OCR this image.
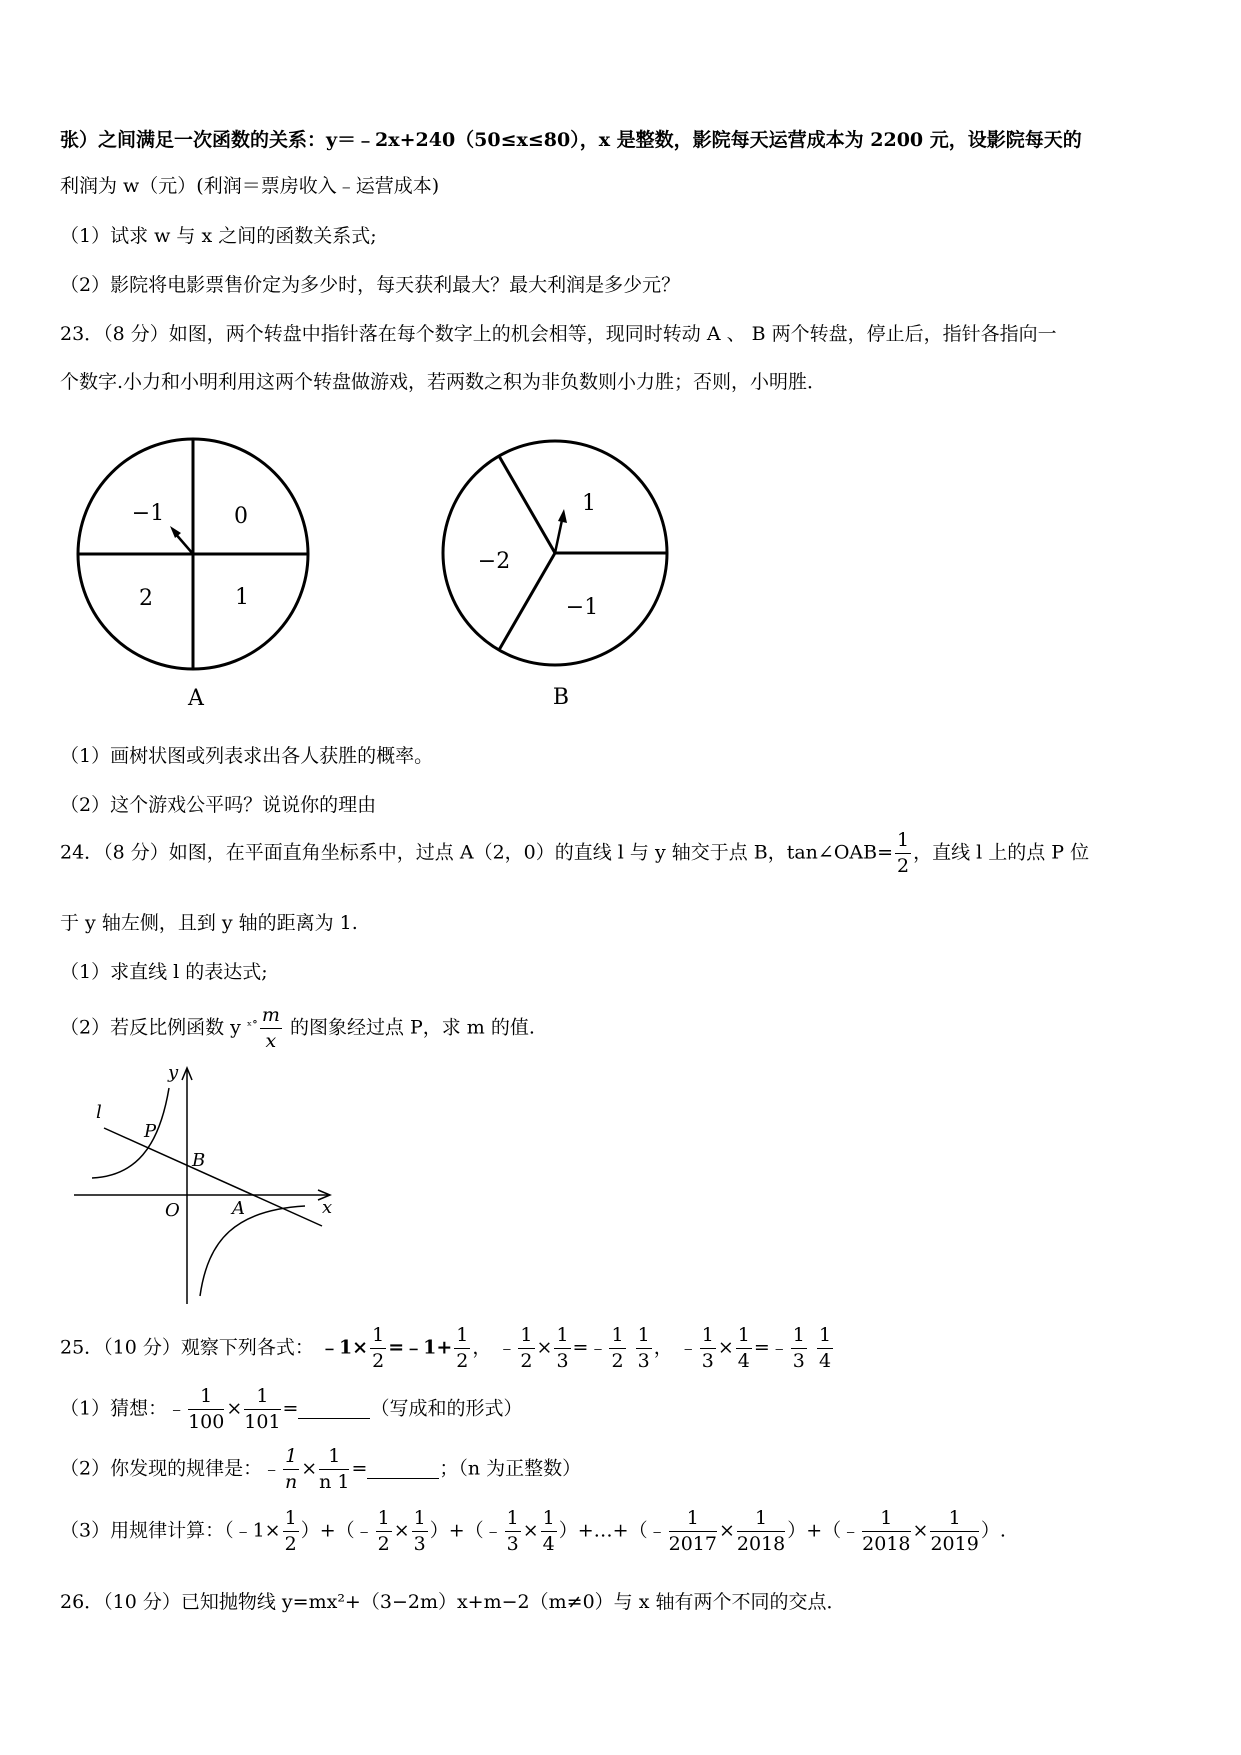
张）之间满足一次函数的关系：y＝﹣2x+240（50≤x≤80），x 是整数，影院每天运营成本为 2200 元，设影院每天的
利润为 w（元）(利润＝票房收入﹣运营成本)
（1）试求 w 与 x 之间的函数关系式;
（2）影院将电影票售价定为多少时，每天获利最大？最大利润是多少元？
23．（8 分）如图，两个转盘中指针落在每个数字上的机会相等，现同时转动 A 、 B 两个转盘，停止后，指针各指向一
个数字.小力和小明利用这两个转盘做游戏，若两数之积为非负数则小力胜；否则，小明胜．
−1	0
2	1
A
1
−2
−1
B
（1）画树状图或列表求出各人获胜的概率。
（2）这个游戏公平吗？说说你的理由
24．（8 分）如图，在平面直角坐标系中，过点 A（2，0）的直线 l 与 y 轴交于点 B，tan∠OAB= $\frac{1}{2}$ ，直线 l 上的点 P 位
于 y 轴左侧，且到 y 轴的距离为 1.
（1）求直线 l 的表达式;
（2）若反比例函数 y $^{_x\circ} \frac{m}{x}$ 的图象经过点 P，求 m 的值.
l
P
B
O	A	x
y
25．（10 分）观察下列各式： ﹣1× $\frac{1}{2}$ =﹣1+ $\frac{1}{2}$ ， ﹣ $\frac{1}{2} \times \frac{1}{3}$ =﹣ $\frac{1}{2}$
$\frac{1}{3}$ ， ﹣ $\frac{1}{3} \times \frac{1}{4}$ =﹣ $\frac{1}{3}$
$\frac{1}{4}$
（1）猜想：﹣ $\frac{1}{100} \times \frac{1}{101}$ =	（写成和的形式）
（2）你发现的规律是：﹣ $\frac{1}{n} \times \frac{1}{n 1}$ =	；（n 为正整数）
（3）用规律计算：（﹣1× $\frac{1}{2}$ ）+（﹣ $\frac{1}{2} \times \frac{1}{3}$ ）+（﹣ $\frac{1}{3} \times \frac{1}{4}$ ）+…+（﹣ $\frac{1}{2017} \times \frac{1}{2018}$ ）+（﹣ $\frac{1}{2018} \times \frac{1}{2019}$ ）.
26．（10 分）已知抛物线 y=mx²+（3−2m）x+m−2（m≠0）与 x 轴有两个不同的交点．
